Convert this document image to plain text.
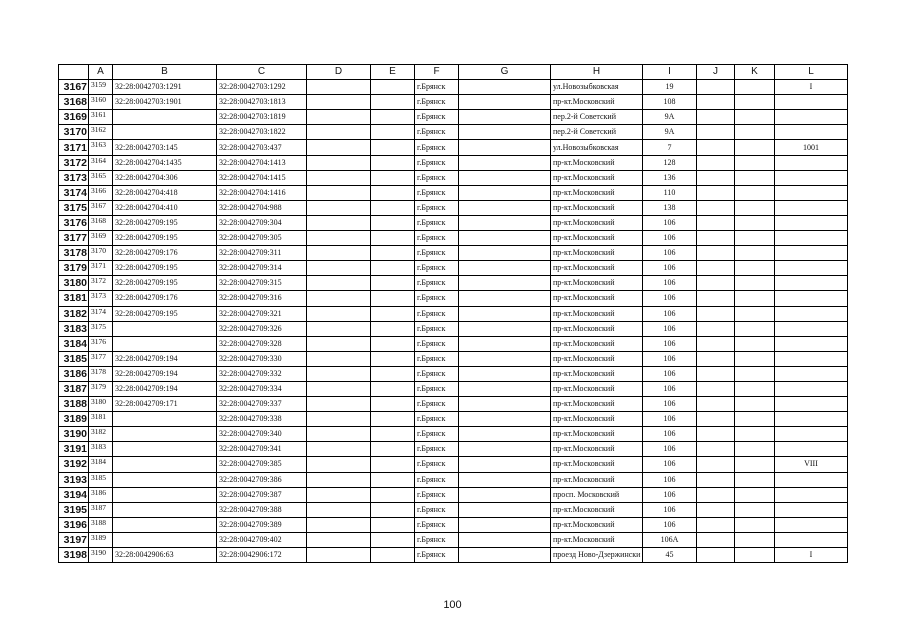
	A	B	C	D	E	F	G	H	I	J	K	L
3167	3159	32:28:0042703:1291	32:28:0042703:1292			г.Брянск		ул.Новозыбковская	19			I
3168	3160	32:28:0042703:1901	32:28:0042703:1813			г.Брянск		пр-кт.Московский	108			
3169	3161		32:28:0042703:1819			г.Брянск		пер.2-й Советский	9А			
3170	3162		32:28:0042703:1822			г.Брянск		пер.2-й Советский	9А			
3171	3163	32:28:0042703:145	32:28:0042703:437			г.Брянск		ул.Новозыбковская	7			1001
3172	3164	32:28:0042704:1435	32:28:0042704:1413			г.Брянск		пр-кт.Московский	128			
3173	3165	32:28:0042704:306	32:28:0042704:1415			г.Брянск		пр-кт.Московский	136			
3174	3166	32:28:0042704:418	32:28:0042704:1416			г.Брянск		пр-кт.Московский	110			
3175	3167	32:28:0042704:410	32:28:0042704:988			г.Брянск		пр-кт.Московский	138			
3176	3168	32:28:0042709:195	32:28:0042709:304			г.Брянск		пр-кт.Московский	106			
3177	3169	32:28:0042709:195	32:28:0042709:305			г.Брянск		пр-кт.Московский	106			
3178	3170	32:28:0042709:176	32:28:0042709:311			г.Брянск		пр-кт.Московский	106			
3179	3171	32:28:0042709:195	32:28:0042709:314			г.Брянск		пр-кт.Московский	106			
3180	3172	32:28:0042709:195	32:28:0042709:315			г.Брянск		пр-кт.Московский	106			
3181	3173	32:28:0042709:176	32:28:0042709:316			г.Брянск		пр-кт.Московский	106			
3182	3174	32:28:0042709:195	32:28:0042709:321			г.Брянск		пр-кт.Московский	106			
3183	3175		32:28:0042709:326			г.Брянск		пр-кт.Московский	106			
3184	3176		32:28:0042709:328			г.Брянск		пр-кт.Московский	106			
3185	3177	32:28:0042709:194	32:28:0042709:330			г.Брянск		пр-кт.Московский	106			
3186	3178	32:28:0042709:194	32:28:0042709:332			г.Брянск		пр-кт.Московский	106			
3187	3179	32:28:0042709:194	32:28:0042709:334			г.Брянск		пр-кт.Московский	106			
3188	3180	32:28:0042709:171	32:28:0042709:337			г.Брянск		пр-кт.Московский	106			
3189	3181		32:28:0042709:338			г.Брянск		пр-кт.Московский	106			
3190	3182		32:28:0042709:340			г.Брянск		пр-кт.Московский	106			
3191	3183		32:28:0042709:341			г.Брянск		пр-кт.Московский	106			
3192	3184		32:28:0042709:385			г.Брянск		пр-кт.Московский	106			VIII
3193	3185		32:28:0042709:386			г.Брянск		пр-кт.Московский	106			
3194	3186		32:28:0042709:387			г.Брянск		просп. Московский	106			
3195	3187		32:28:0042709:388			г.Брянск		пр-кт.Московский	106			
3196	3188		32:28:0042709:389			г.Брянск		пр-кт.Московский	106			
3197	3189		32:28:0042709:402			г.Брянск		пр-кт.Московский	106А			
3198	3190	32:28:0042906:63	32:28:0042906:172			г.Брянск		проезд Ново-Дзержински	45			I
100
